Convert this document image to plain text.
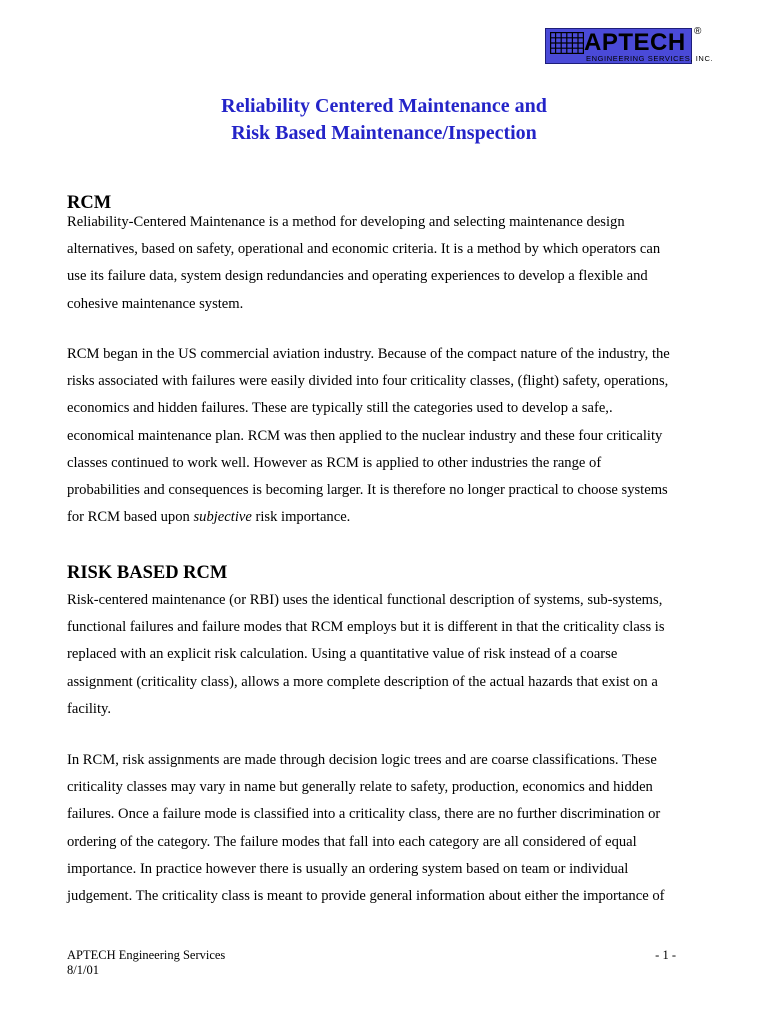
APTECH
ENGINEERING SERVICES, INC.
®
Reliability Centered Maintenance and
Risk Based Maintenance/Inspection
RCM
Reliability-Centered Maintenance is a method for developing and selecting maintenance design
alternatives, based on safety, operational and economic criteria. It is a method by which operators can
use its failure data, system design redundancies and operating experiences to develop a flexible and
cohesive maintenance system.
RCM began in the US commercial aviation industry. Because of the compact nature of the industry, the
risks associated with failures were easily divided into four criticality classes, (flight) safety, operations,
economics and hidden failures. These are typically still the categories used to develop a safe,.
economical maintenance plan. RCM was then applied to the nuclear industry and these four criticality
classes continued to work well. However as RCM is applied to other industries the range of
probabilities and consequences is becoming larger. It is therefore no longer practical to choose systems
for RCM based upon subjective risk importance.
RISK BASED RCM
Risk-centered maintenance (or RBI) uses the identical functional description of systems, sub-systems,
functional failures and failure modes that RCM employs but it is different in that the criticality class is
replaced with an explicit risk calculation. Using a quantitative value of risk instead of a coarse
assignment (criticality class), allows a more complete description of the actual hazards that exist on a
facility.
In RCM, risk assignments are made through decision logic trees and are coarse classifications. These
criticality classes may vary in name but generally relate to safety, production, economics and hidden
failures. Once a failure mode is classified into a criticality class, there are no further discrimination or
ordering of the category. The failure modes that fall into each category are all considered of equal
importance. In practice however there is usually an ordering system based on team or individual
judgement. The criticality class is meant to provide general information about either the importance of
APTECH Engineering Services
8/1/01
- 1 -
